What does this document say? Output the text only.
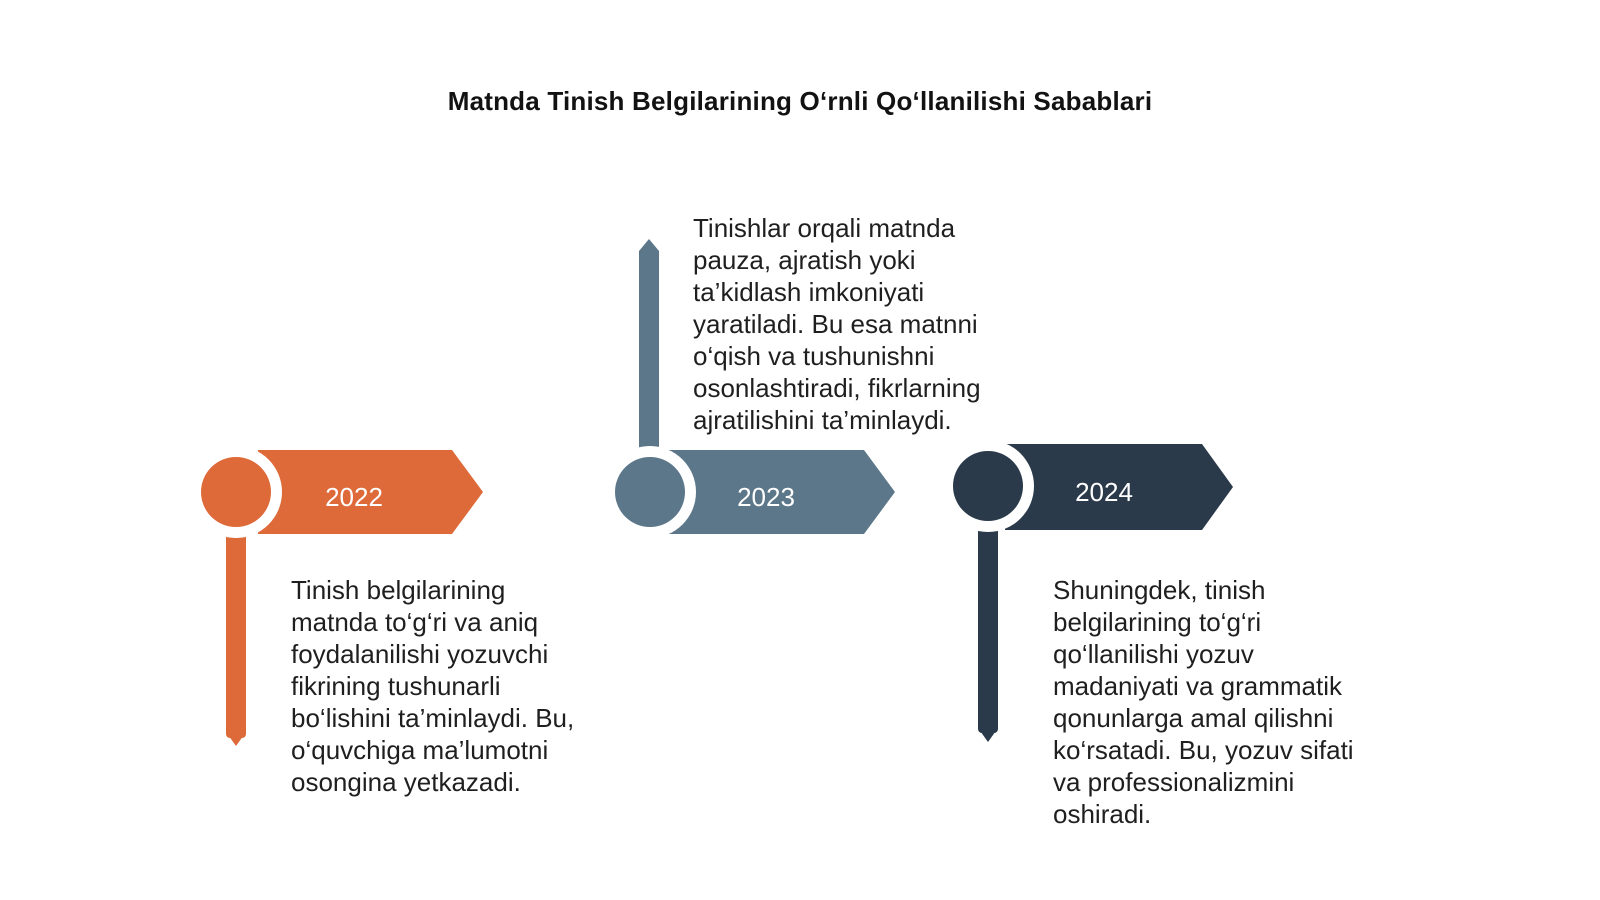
Matnda Tinish Belgilarining O‘rnli Qo‘llanilishi Sabablari
2022	2023	2024
Tinish belgilarining
matnda to‘g‘ri va aniq
foydalanilishi yozuvchi
fikrining tushunarli
bo‘lishini ta’minlaydi. Bu,
o‘quvchiga ma’lumotni
osongina yetkazadi.
Tinishlar orqali matnda
pauza, ajratish yoki
ta’kidlash imkoniyati
yaratiladi. Bu esa matnni
o‘qish va tushunishni
osonlashtiradi, fikrlarning
ajratilishini ta’minlaydi.
Shuningdek, tinish
belgilarining to‘g‘ri
qo‘llanilishi yozuv
madaniyati va grammatik
qonunlarga amal qilishni
ko‘rsatadi. Bu, yozuv sifati
va professionalizmini
oshiradi.
